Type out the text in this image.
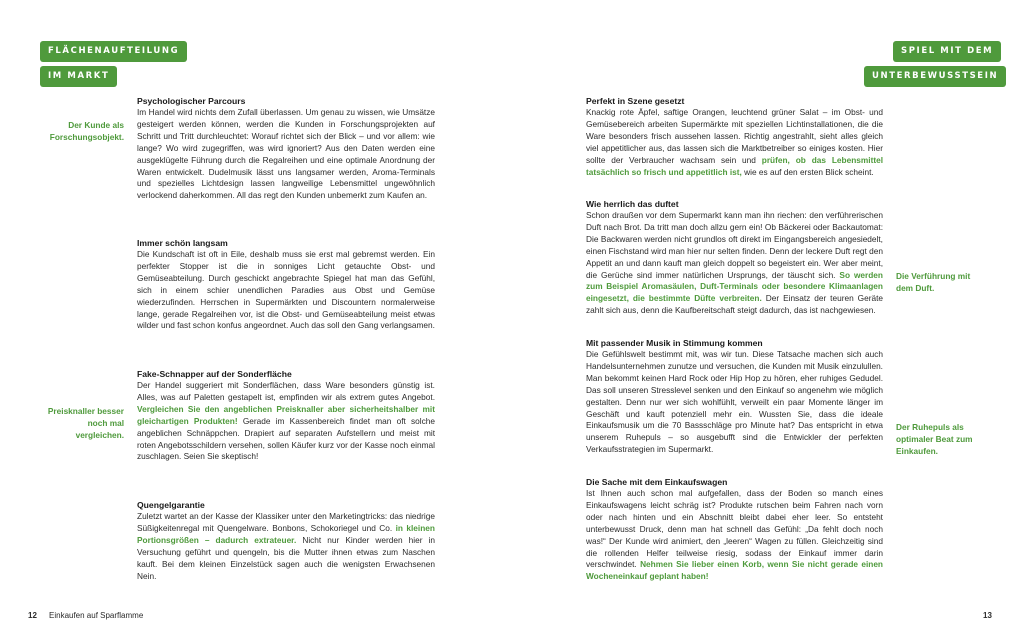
FLÄCHENAUFTEILUNG
IM MARKT
Der Kunde als Forschungsobjekt.
Preisknaller besser noch mal vergleichen.
Psychologischer Parcours

Im Handel wird nichts dem Zufall überlassen. Um genau zu wissen, wie Umsätze gesteigert werden können, werden die Kunden in Forschungsprojekten auf Schritt und Tritt durchleuchtet: Worauf richtet sich der Blick – und vor allem: wie lange? Wo wird zugegriffen, was wird ignoriert? Aus den Daten werden eine ausgeklügelte Führung durch die Regalreihen und eine optimale Anordnung der Waren entwickelt. Dudelmusik lässt uns langsamer werden, Aroma-Terminals und spezielles Lichtdesign lassen langweilige Lebensmittel ungewöhnlich verlockend daherkommen. All das regt den Kunden unbemerkt zum Kaufen an.

Immer schön langsam

Die Kundschaft ist oft in Eile, deshalb muss sie erst mal gebremst werden. Ein perfekter Stopper ist die in sonniges Licht getauchte Obst- und Gemüseabteilung. Durch geschickt angebrachte Spiegel hat man das Gefühl, sich in einem schier unendlichen Paradies aus Obst und Gemüse wiederzufinden. Herrschen in Supermärkten und Discountern normalerweise lange, gerade Regalreihen vor, ist die Obst- und Gemüseabteilung meist etwas wilder und fast schon konfus angeordnet. Auch das soll den Gang verlangsamen.

Fake-Schnapper auf der Sonderfläche

Der Handel suggeriert mit Sonderflächen, dass Ware besonders günstig ist. Alles, was auf Paletten gestapelt ist, empfinden wir als extrem gutes Angebot. Vergleichen Sie den angeblichen Preisknaller aber sicherheitshalber mit gleichartigen Produkten! Gerade im Kassenbereich findet man oft solche angeblichen Schnäppchen. Drapiert auf separaten Aufstellern und meist mit roten Angebotsschildern versehen, sollen Käufer kurz vor der Kasse noch einmal zuschlagen. Seien Sie skeptisch!

Quengelgarantie

Zuletzt wartet an der Kasse der Klassiker unter den Marketingtricks: das niedrige Süßigkeitenregal mit Quengelware. Bonbons, Schokoriegel und Co. in kleinen Portionsgrößen – dadurch extrateuer. Nicht nur Kinder werden hier in Versuchung geführt und quengeln, bis die Mutter ihnen etwas zum Naschen kauft. Bei dem kleinen Einzelstück sagen auch die wenigsten Erwachsenen Nein.

12 Einkaufen auf Sparflamme
SPIEL MIT DEM
UNTERBEWUSSTSEIN
Die Verführung mit dem Duft.
Der Ruhepuls als optimaler Beat zum Einkaufen.
Perfekt in Szene gesetzt

Knackig rote Äpfel, saftige Orangen, leuchtend grüner Salat – im Obst- und Gemüsebereich arbeiten Supermärkte mit speziellen Lichtinstallationen, die die Ware besonders frisch aussehen lassen. Richtig angestrahlt, sieht alles gleich viel appetitlicher aus, das lassen sich die Marktbetreiber so einiges kosten. Hier sollte der Verbraucher wachsam sein und prüfen, ob das Lebensmittel tatsächlich so frisch und appetitlich ist, wie es auf den ersten Blick scheint.

Wie herrlich das duftet

Schon draußen vor dem Supermarkt kann man ihn riechen: den verführerischen Duft nach Brot. Da tritt man doch allzu gern ein! Ob Bäckerei oder Backautomat: Die Backwaren werden nicht grundlos oft direkt im Eingangsbereich angesiedelt, einen Fischstand wird man hier nur selten finden. Denn der leckere Duft regt den Appetit an und dann kauft man gleich doppelt so begeistert ein. Wer aber meint, die Gerüche sind immer natürlichen Ursprungs, der täuscht sich. So werden zum Beispiel Aromasäulen, Duft-Terminals oder besondere Klimaanlagen eingesetzt, die bestimmte Düfte verbreiten. Der Einsatz der teuren Geräte zahlt sich aus, denn die Kaufbereitschaft steigt dadurch, das ist nachgewiesen.

Mit passender Musik in Stimmung kommen

Die Gefühlswelt bestimmt mit, was wir tun. Diese Tatsache machen sich auch Handelsunternehmen zunutze und versuchen, die Kunden mit Musik einzulullen. Man bekommt keinen Hard Rock oder Hip Hop zu hören, eher ruhiges Gedudel. Das soll unseren Stresslevel senken und den Einkauf so angenehm wie möglich gestalten. Denn nur wer sich wohlfühlt, verweilt ein paar Momente länger im Geschäft und kauft potenziell mehr ein. Wussten Sie, dass die ideale Einkaufsmusik um die 70 Bassschläge pro Minute hat? Das entspricht in etwa unserem Ruhepuls – so ausgebufft sind die Entwickler der perfekten Verkaufsstrategien im Supermarkt.

Die Sache mit dem Einkaufswagen

Ist Ihnen auch schon mal aufgefallen, dass der Boden so manch eines Einkaufswagens leicht schräg ist? Produkte rutschen beim Fahren nach vorn oder nach hinten und ein Abschnitt bleibt dabei eher leer. So entsteht unterbewusst Druck, denn man hat schnell das Gefühl: „Da fehlt doch noch was!“ Der Kunde wird animiert, den „leeren“ Wagen zu füllen. Gleichzeitig sind die rollenden Helfer teilweise riesig, sodass der Einkauf immer darin verschwindet. Nehmen Sie lieber einen Korb, wenn Sie nicht gerade einen Wocheneinkauf geplant haben!

13
